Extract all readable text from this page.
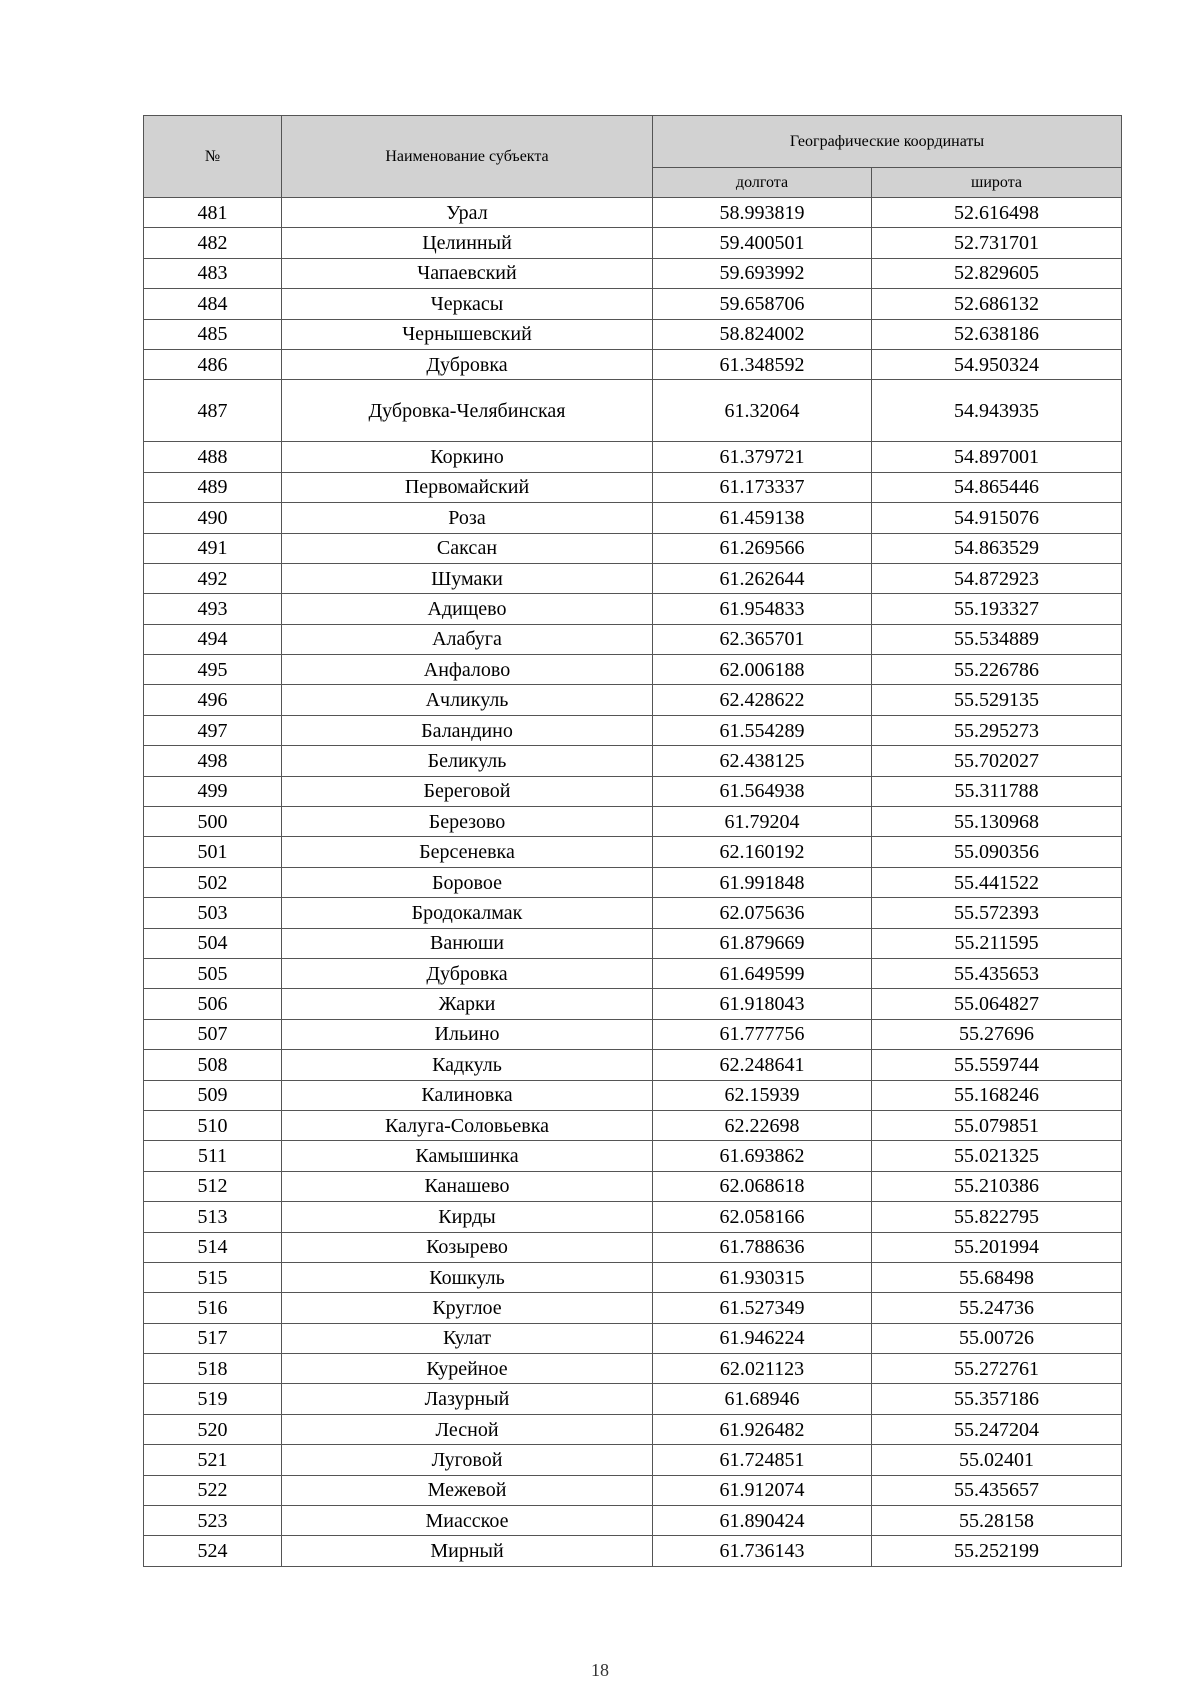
№	Наименование субъекта	Географические координаты	
		долгота	широта
481	Урал	58.993819	52.616498
482	Целинный	59.400501	52.731701
483	Чапаевский	59.693992	52.829605
484	Черкасы	59.658706	52.686132
485	Чернышевский	58.824002	52.638186
486	Дубровка	61.348592	54.950324
487	Дубровка-Челябинская	61.32064	54.943935
488	Коркино	61.379721	54.897001
489	Первомайский	61.173337	54.865446
490	Роза	61.459138	54.915076
491	Саксан	61.269566	54.863529
492	Шумаки	61.262644	54.872923
493	Адищево	61.954833	55.193327
494	Алабуга	62.365701	55.534889
495	Анфалово	62.006188	55.226786
496	Ачликуль	62.428622	55.529135
497	Баландино	61.554289	55.295273
498	Беликуль	62.438125	55.702027
499	Береговой	61.564938	55.311788
500	Березово	61.79204	55.130968
501	Берсеневка	62.160192	55.090356
502	Боровое	61.991848	55.441522
503	Бродокалмак	62.075636	55.572393
504	Ванюши	61.879669	55.211595
505	Дубровка	61.649599	55.435653
506	Жарки	61.918043	55.064827
507	Ильино	61.777756	55.27696
508	Кадкуль	62.248641	55.559744
509	Калиновка	62.15939	55.168246
510	Калуга-Соловьевка	62.22698	55.079851
511	Камышинка	61.693862	55.021325
512	Канашево	62.068618	55.210386
513	Кирды	62.058166	55.822795
514	Козырево	61.788636	55.201994
515	Кошкуль	61.930315	55.68498
516	Круглое	61.527349	55.24736
517	Кулат	61.946224	55.00726
518	Курейное	62.021123	55.272761
519	Лазурный	61.68946	55.357186
520	Лесной	61.926482	55.247204
521	Луговой	61.724851	55.02401
522	Межевой	61.912074	55.435657
523	Миасское	61.890424	55.28158
524	Мирный	61.736143	55.252199
18
